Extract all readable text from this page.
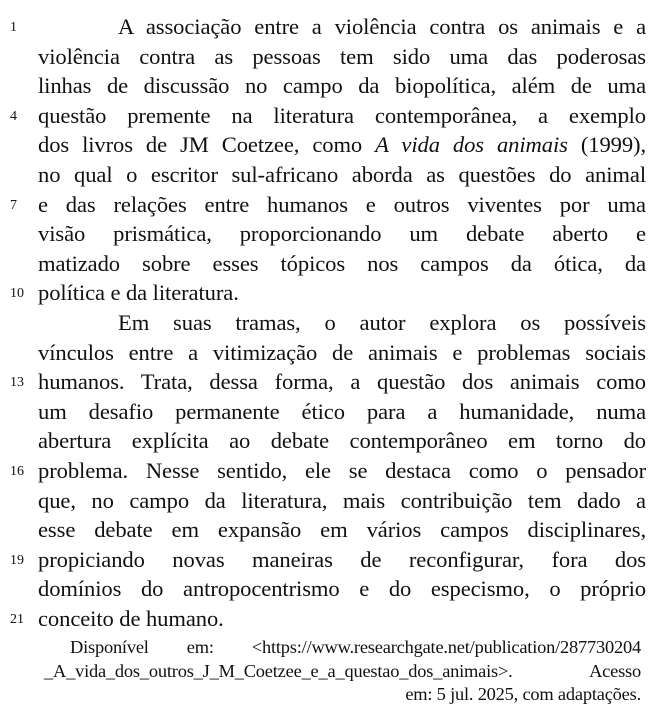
1	A associação entre a violência contra os animais e a
violência contra as pessoas tem sido uma das poderosas
linhas de discussão no campo da biopolítica, além de uma
4 questão premente na literatura contemporânea, a exemplo
dos livros de JM Coetzee, como A vida dos animais (1999),
no qual o escritor sul-africano aborda as questões do animal
7 e das relações entre humanos e outros viventes por uma
visão prismática, proporcionando um debate aberto e
matizado sobre esses tópicos nos campos da ótica, da
10 política e da literatura.
Em suas tramas, o autor explora os possíveis
vínculos entre a vitimização de animais e problemas sociais
13 humanos. Trata, dessa forma, a questão dos animais como
um desafio permanente ético para a humanidade, numa
abertura explícita ao debate contemporâneo em torno do
16 problema. Nesse sentido, ele se destaca como o pensador
que, no campo da literatura, mais contribuição tem dado a
esse debate em expansão em vários campos disciplinares,
19 propiciando novas maneiras de reconfigurar, fora dos
domínios do antropocentrismo e do especismo, o próprio
21 conceito de humano.
Disponível em: <https://www.researchgate.net/publication/287730204
_A_vida_dos_outros_J_M_Coetzee_e_a_questao_dos_animais>. Acesso
em: 5 jul. 2025, com adaptações.
